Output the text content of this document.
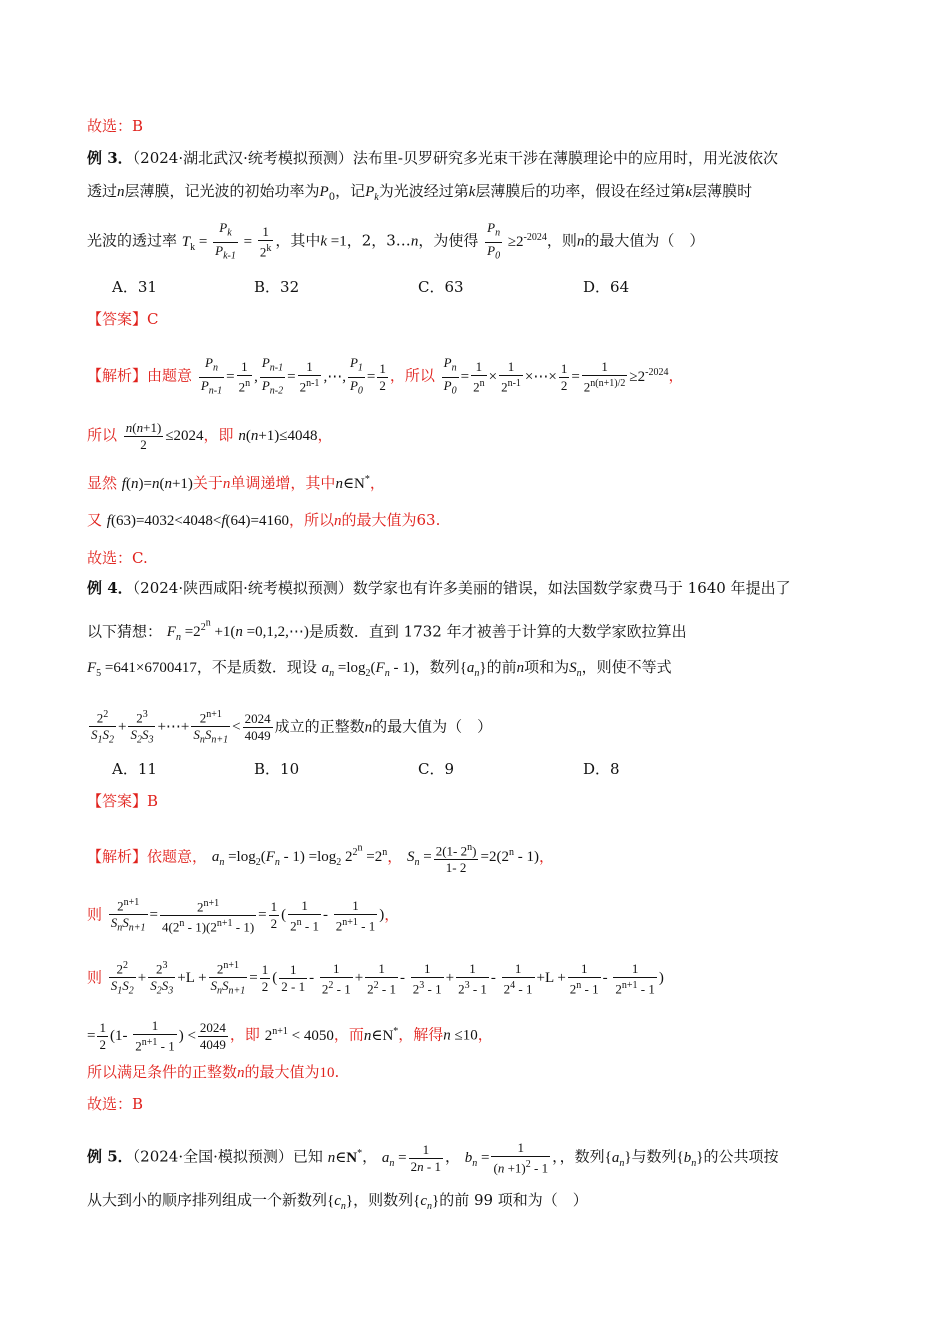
故选：B
例 3．（2024·湖北武汉·统考模拟预测）法布里-贝罗研究多光束干涉在薄膜理论中的应用时，用光波依次
透过n层薄膜，记光波的初始功率为$P_0$，记$P_k$为光波经过第k层薄膜后的功率，假设在经过第k层薄膜时
光波的透过率 $T_k = \frac{P_k}{P_{k-1}} = \frac{1}{2^k}$ ，其中k =1，2，3…n，为使得 $\frac{P_n}{P_0} \ge 2^{-2024}$，则n的最大值为（　）
A．31	B．32	C．63	D．64
【答案】C
【解析】由题意 $\frac{P_n}{P_{n-1}} = \frac{1}{2^n}$ , $\frac{P_{n-1}}{P_{n-2}} = \frac{1}{2^{n-1}}$ ,⋯, $\frac{P_1}{P_0} = \frac{1}{2}$ ，所以 $\frac{P_n}{P_0} = \frac{1}{2^n} \times \frac{1}{2^{n-1}}$ ×⋯× $\frac{1}{2} = \frac{1}{2^{n(n+1)/2}} \ge 2^{-2024}$，
所以 $\frac{n(n+1)}{2} \le 2024$，即 n(n+1)≤4048，
显然 f(n)=n(n+1)关于n单调递增，其中n∈N*，
又 f(63)=4032<4048<f(64)=4160，所以n的最大值为63.
故选：C.
例 4．（2024·陕西咸阳·统考模拟预测）数学家也有许多美丽的错误，如法国数学家费马于 1640 年提出了
以下猜想： $F_n =2^{2^n} +1(n$ =0,1,2,⋯)是质数．直到 1732 年才被善于计算的大数学家欧拉算出
$F_5 =641\times 6700417$，不是质数．现设 $a_n =\log_2(F_n - 1)$，数列$\{a_n\}$的前n项和为$S_n$，则使不等式
$\frac{2^2}{S_1S_2} + \frac{2^3}{S_2S_3}$ +⋯+
$2^{n+1}$
$S_nS_{n+1}$
< $\frac{2024}{4049}$ 成立的正整数n的最大值为（　）
A．11	B．10	C．9	D．8
【答案】B
【解析】依题意， $a_n =\log_2(F_n - 1) =\log_2$ $2^{2^n} =2^n$， $S_n = \frac{2(1- 2^n)}{1- 2} =2(2^n - 1)$，
则	$2^{n+1}$
$S_nS_{n+1}$
= $\frac{2^{n+1}}{4(2^n - 1)(2^{n+1} - 1)} = \frac{1}{2}$ ( $\frac{1}{2^n - 1} - \frac{1}{2^{n+1} - 1}$ )，
则 $\frac{2^2}{S_1S_2} + \frac{2^3}{S_2S_3} +L$ +
$2^{n+1}$
$S_nS_{n+1}$
= $\frac{1}{2}$ ( $\frac{1}{2 - 1} - \frac{1}{2^2 - 1} + \frac{1}{2^2 - 1} - \frac{1}{2^3 - 1} + \frac{1}{2^3 - 1} - \frac{1}{2^4 - 1} +L + \frac{1}{2^n - 1} - \frac{1}{2^{n+1} - 1}$ )
= $\frac{1}{2} (1- \frac{1}{2^{n+1} - 1}$ ) < $\frac{2024}{4049}$ ，即 $2^{n+1} < 4050$，而n∈N*，解得n ≤10，
所以满足条件的正整数n的最大值为10.
故选：B
例 5．（2024·全国·模拟预测）已知 n∈N*， $a_n = \frac{1}{2n - 1}$ ， $b_n = \frac{1}{(n +1)^2 - 1}$ ，，数列$\{a_n\}$与数列$\{b_n\}$的公共项按
从大到小的顺序排列组成一个新数列$\{c_n\}$，则数列$\{c_n\}$的前 99 项和为（　）
